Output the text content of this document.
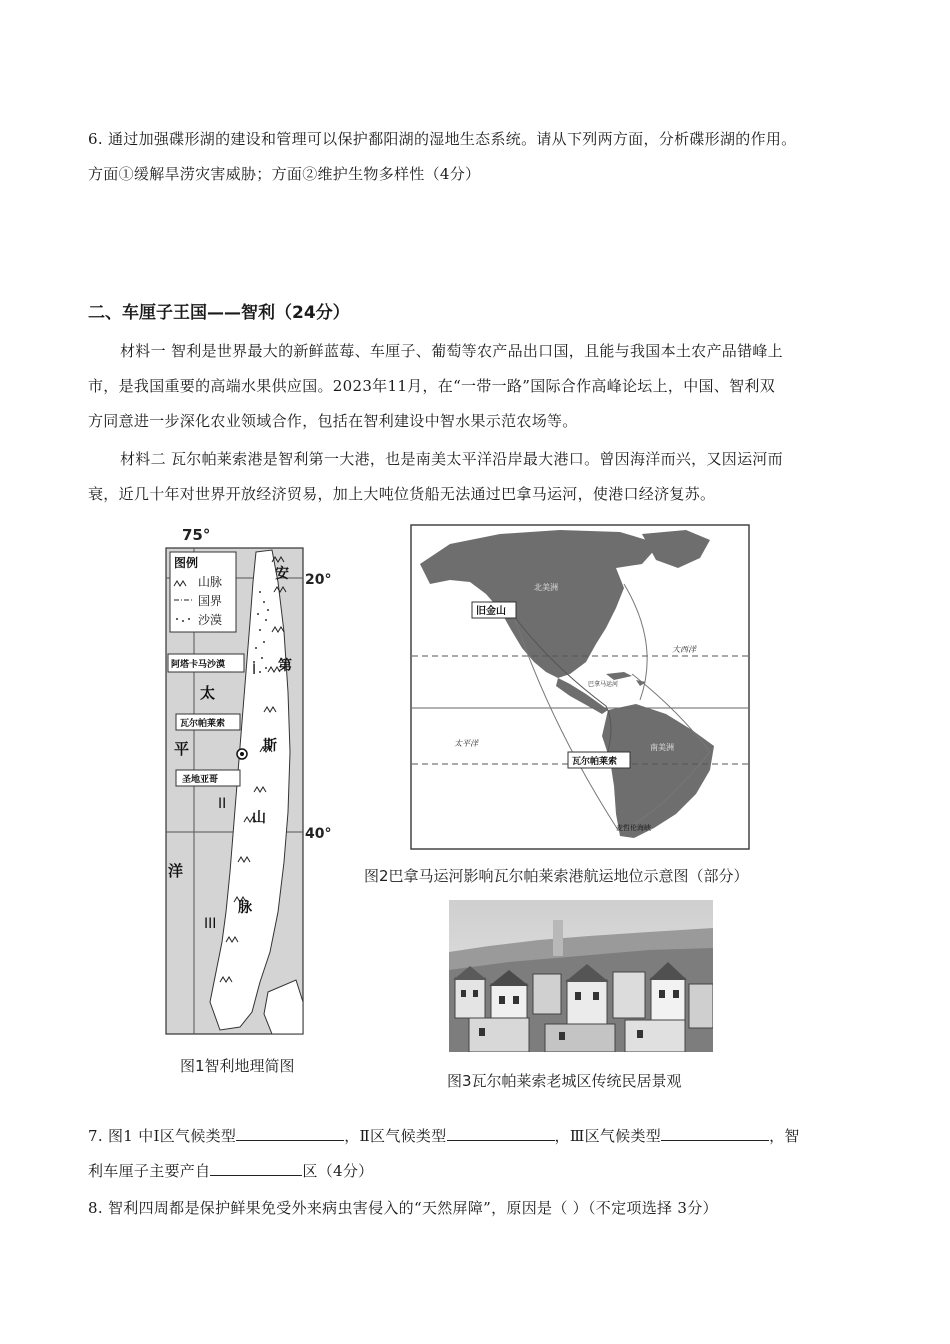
6. 通过加强碟形湖的建设和管理可以保护鄱阳湖的湿地生态系统。请从下列两方面，分析碟形湖的作用。
方面①缓解旱涝灾害威胁；方面②维护生物多样性（4分）
二、车厘子王国——智利（24分）
材料一 智利是世界最大的新鲜蓝莓、车厘子、葡萄等农产品出口国，且能与我国本土农产品错峰上
市，是我国重要的高端水果供应国。2023年11月，在“一带一路”国际合作高峰论坛上，中国、智利双
方同意进一步深化农业领域合作，包括在智利建设中智水果示范农场等。
材料二 瓦尔帕莱索港是智利第一大港，也是南美太平洋沿岸最大港口。曾因海洋而兴，又因运河而
衰，近几十年对世界开放经济贸易，加上大吨位货船无法通过巴拿马运河，使港口经济复苏。
75°
20°
40°
图例
山脉
国界
沙漠
阿塔卡马沙漠
瓦尔帕莱索
圣地亚哥
太
平
洋
安
第
斯
山
脉
I
II
III
图1智利地理简图
旧金山
北美洲
南美洲
大西洋
太平洋
巴拿马运河
瓦尔帕莱索
麦哲伦海峡
图2巴拿马运河影响瓦尔帕莱索港航运地位示意图（部分）
图3瓦尔帕莱索老城区传统民居景观
7. 图1 中Ⅰ区气候类型	，Ⅱ区气候类型	，Ⅲ区气候类型	，智
利车厘子主要产自	区（4分）
8. 智利四周都是保护鲜果免受外来病虫害侵入的“天然屏障”，原因是（ ）（不定项选择 3分）
